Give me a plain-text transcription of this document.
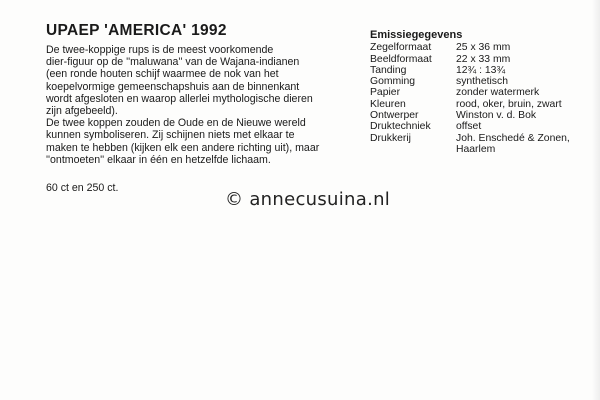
UPAEP 'AMERICA' 1992

De twee-koppige rups is de meest voorkomende
dier-figuur op de ''maluwana'' van de Wajana-indianen
(een ronde houten schijf waarmee de nok van het
koepelvormige gemeenschapshuis aan de binnenkant
wordt afgesloten en waarop allerlei mythologische dieren
zijn afgebeeld).

De twee koppen zouden de Oude en de Nieuwe wereld
kunnen symboliseren. Zij schijnen niets met elkaar te
maken te hebben (kijken elk een andere richting uit), maar
''ontmoeten'' elkaar in één en hetzelfde lichaam.

60 ct en 250 ct.
Emissiegegevens
Zegelformaat	25 x 36 mm
Beeldformaat	22 x 33 mm
Tanding	12¾ : 13¾
Gomming	synthetisch
Papier	zonder watermerk
Kleuren	rood, oker, bruin, zwart
Ontwerper	Winston v. d. Bok
Druktechniek	offset
Drukkerij	Joh. Enschedé & Zonen,
Haarlem
© annecusuina.nl
